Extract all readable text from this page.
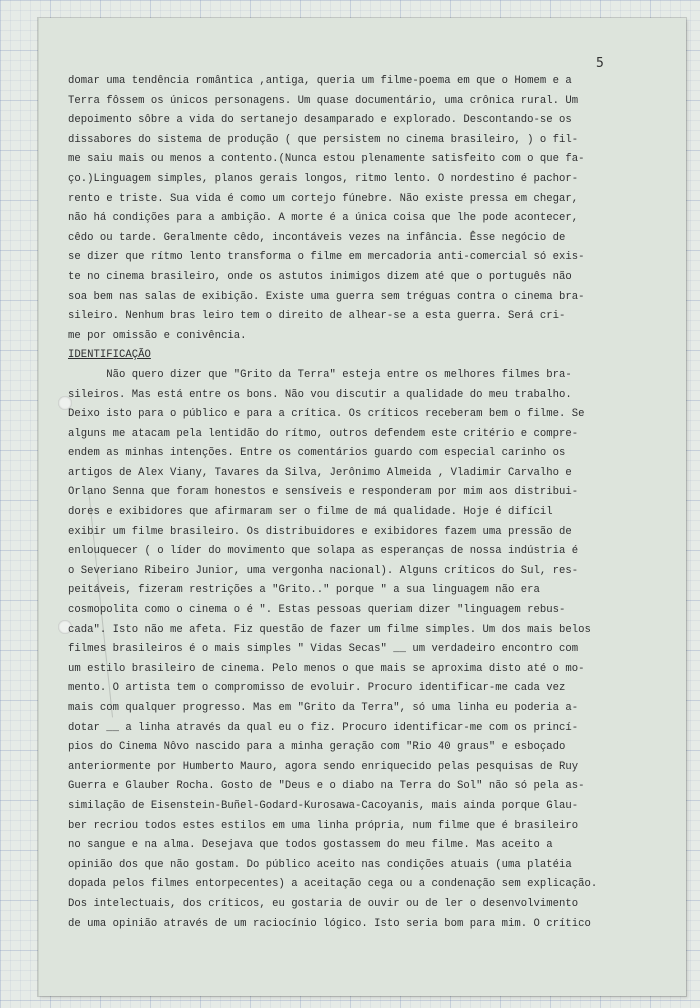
5
domar uma tendência romântica ,antiga, queria um filme-poema em que o Homem e a
Terra fôssem os únicos personagens. Um quase documentário, uma crônica rural. Um
depoimento sôbre a vida do sertanejo desamparado e explorado. Descontando-se os
dissabores do sistema de produção ( que persistem no cinema brasileiro, ) o fil-
me saiu mais ou menos a contento.(Nunca estou plenamente satisfeito com o que fa-
ço.)Linguagem simples, planos gerais longos, ritmo lento. O nordestino é pachor-
rento e triste. Sua vida é como um cortejo fúnebre. Não existe pressa em chegar,
não há condições para a ambição. A morte é a única coisa que lhe pode acontecer,
cêdo ou tarde. Geralmente cêdo, incontáveis vezes na infância. Êsse negócio de
se dizer que rítmo lento transforma o filme em mercadoria anti-comercial só exis-
te no cinema brasileiro, onde os astutos inimigos dizem até que o português não
soa bem nas salas de exibição. Existe uma guerra sem tréguas contra o cinema bra-
sileiro. Nenhum bras leiro tem o direito de alhear-se a esta guerra. Será cri-
me por omissão e conivência.
IDENTIFICAÇÃO
Não quero dizer que "Grito da Terra" esteja entre os melhores filmes bra-
sileiros. Mas está entre os bons. Não vou discutir a qualidade do meu trabalho.
Deixo isto para o público e para a crítica. Os críticos receberam bem o filme. Se
alguns me atacam pela lentidão do rítmo, outros defendem este critério e compre-
endem as minhas intenções. Entre os comentários guardo com especial carinho os
artigos de Alex Viany, Tavares da Silva, Jerônimo Almeida , Vladimir Carvalho e
Orlano Senna que foram honestos e sensíveis e responderam por mim aos distribui-
dores e exibidores que afirmaram ser o filme de má qualidade. Hoje é difícil
exibir um filme brasileiro. Os distribuidores e exibidores fazem uma pressão de
enlouquecer ( o líder do movimento que solapa as esperanças de nossa indústria é
o Severiano Ribeiro Junior, uma vergonha nacional). Alguns críticos do Sul, res-
peitáveis, fizeram restrições a "Grito.." porque " a sua linguagem não era
cosmopolita como o cinema o é ". Estas pessoas queriam dizer "linguagem rebus-
cada". Isto não me afeta. Fiz questão de fazer um filme simples. Um dos mais belos
filmes brasileiros é o mais simples " Vidas Secas" __ um verdadeiro encontro com
um estilo brasileiro de cinema. Pelo menos o que mais se aproxima disto até o mo-
mento. O artista tem o compromisso de evoluir. Procuro identificar-me cada vez
mais com qualquer progresso. Mas em "Grito da Terra", só uma linha eu poderia a-
dotar __ a linha através da qual eu o fiz. Procuro identificar-me com os princí-
pios do Cinema Nôvo nascido para a minha geração com "Rio 40 graus" e esboçado
anteriormente por Humberto Mauro, agora sendo enriquecido pelas pesquisas de Ruy
Guerra e Glauber Rocha. Gosto de "Deus e o diabo na Terra do Sol" não só pela as-
similação de Eisenstein-Buñel-Godard-Kurosawa-Cacoyanis, mais ainda porque Glau-
ber recriou todos estes estilos em uma linha própria, num filme que é brasileiro
no sangue e na alma. Desejava que todos gostassem do meu filme. Mas aceito a
opinião dos que não gostam. Do público aceito nas condições atuais (uma platéia
dopada pelos filmes entorpecentes) a aceitação cega ou a condenação sem explicação.
Dos intelectuais, dos críticos, eu gostaria de ouvir ou de ler o desenvolvimento
de uma opinião através de um raciocínio lógico. Isto seria bom para mim. O crítico
